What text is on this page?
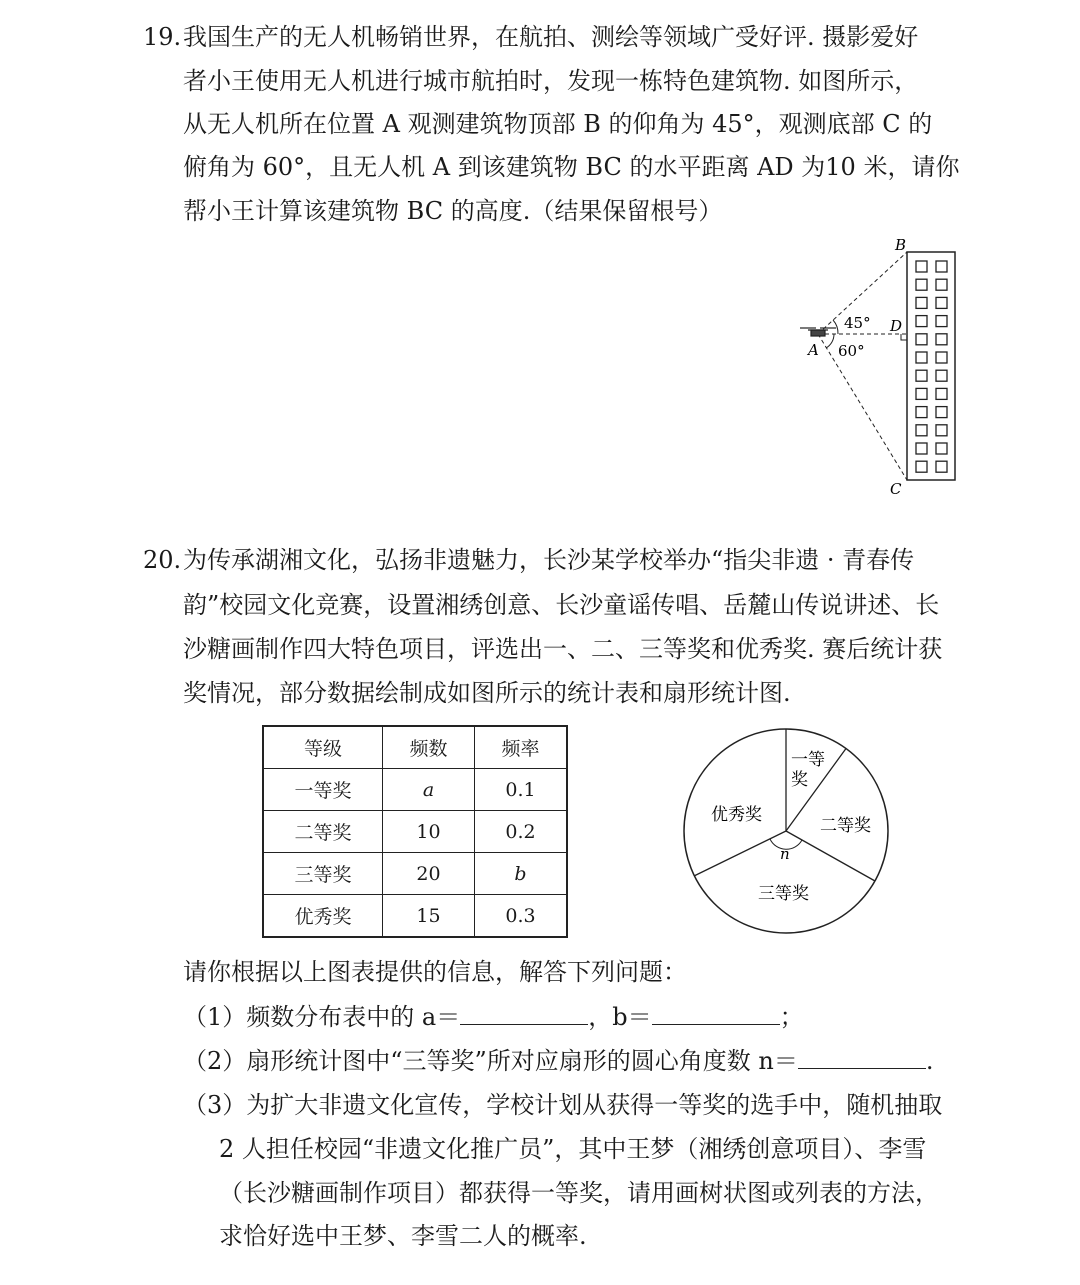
19. 我国生产的无人机畅销世界，在航拍、测绘等领域广受好评. 摄影爱好
者小王使用无人机进行城市航拍时，发现一栋特色建筑物. 如图所示，
从无人机所在位置 A 观测建筑物顶部 B 的仰角为 45°，观测底部 C 的
俯角为 60°，且无人机 A 到该建筑物 BC 的水平距离 AD 为10 米，请你
帮小王计算该建筑物 BC 的高度.（结果保留根号）
B
C
A
D
45°
60°
20. 为传承湖湘文化，弘扬非遗魅力，长沙某学校举办“指尖非遗 · 青春传
韵”校园文化竞赛，设置湘绣创意、长沙童谣传唱、岳麓山传说讲述、长
沙糖画制作四大特色项目，评选出一、二、三等奖和优秀奖. 赛后统计获
奖情况，部分数据绘制成如图所示的统计表和扇形统计图.
等级	频数	频率
一等奖	a	0.1
二等奖	10	0.2
三等奖	20	b
优秀奖	15	0.3
一等
奖
二等奖
优秀奖
三等奖
n
请你根据以上图表提供的信息，解答下列问题：
（1）频数分布表中的 a＝	，b＝	；
（2）扇形统计图中“三等奖”所对应扇形的圆心角度数 n＝	.
（3）为扩大非遗文化宣传，学校计划从获得一等奖的选手中，随机抽取
2 人担任校园“非遗文化推广员”，其中王梦（湘绣创意项目）、李雪
（长沙糖画制作项目）都获得一等奖，请用画树状图或列表的方法，
求恰好选中王梦、李雪二人的概率.
